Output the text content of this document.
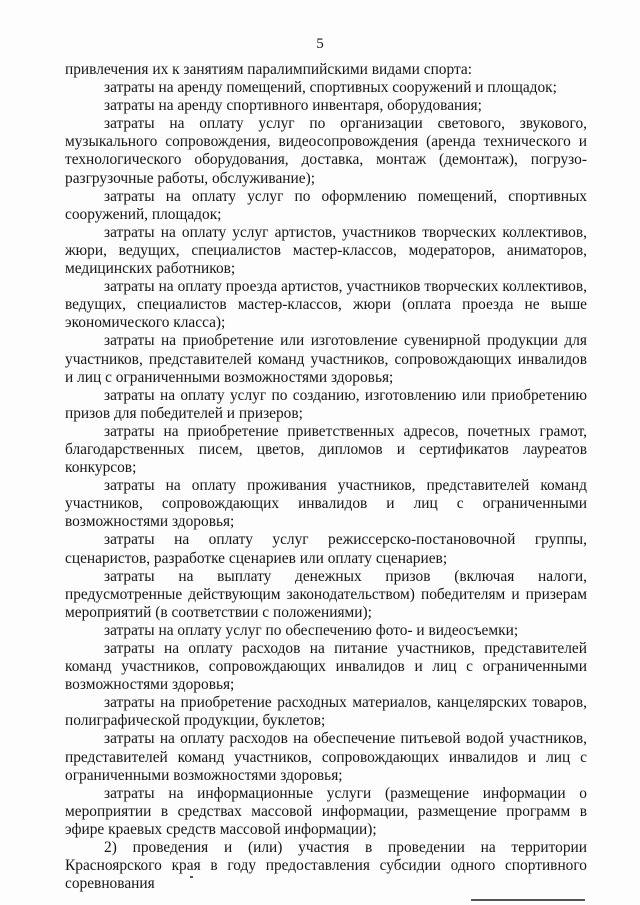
5

привлечения их к занятиям паралимпийскими видами спорта:

затраты на аренду помещений, спортивных сооружений и площадок;

затраты на аренду спортивного инвентаря, оборудования;

затраты на оплату услуг по организации светового, звукового, музыкального сопровождения, видеосопровождения (аренда технического и технологического оборудования, доставка, монтаж (демонтаж), погрузо-разгрузочные работы, обслуживание);

затраты на оплату услуг по оформлению помещений, спортивных сооружений, площадок;

затраты на оплату услуг артистов, участников творческих коллективов, жюри, ведущих, специалистов мастер-классов, модераторов, аниматоров, медицинских работников;

затраты на оплату проезда артистов, участников творческих коллективов, ведущих, специалистов мастер-классов, жюри (оплата проезда не выше экономического класса);

затраты на приобретение или изготовление сувенирной продукции для участников, представителей команд участников, сопровождающих инвалидов и лиц с ограниченными возможностями здоровья;

затраты на оплату услуг по созданию, изготовлению или приобретению призов для победителей и призеров;

затраты на приобретение приветственных адресов, почетных грамот, благодарственных писем, цветов, дипломов и сертификатов лауреатов конкурсов;

затраты на оплату проживания участников, представителей команд участников, сопровождающих инвалидов и лиц с ограниченными возможностями здоровья;

затраты на оплату услуг режиссерско-постановочной группы, сценаристов, разработке сценариев или оплату сценариев;

затраты на выплату денежных призов (включая налоги, предусмотренные действующим законодательством) победителям и призерам мероприятий (в соответствии с положениями);

затраты на оплату услуг по обеспечению фото- и видеосъемки;

затраты на оплату расходов на питание участников, представителей команд участников, сопровождающих инвалидов и лиц с ограниченными возможностями здоровья;

затраты на приобретение расходных материалов, канцелярских товаров, полиграфической продукции, буклетов;

затраты на оплату расходов на обеспечение питьевой водой участников, представителей команд участников, сопровождающих инвалидов и лиц с ограниченными возможностями здоровья;

затраты на информационные услуги (размещение информации о мероприятии в средствах массовой информации, размещение программ в эфире краевых средств массовой информации);

2) проведения и (или) участия в проведении на территории Красноярского края в году предоставления субсидии одного спортивного соревнования
